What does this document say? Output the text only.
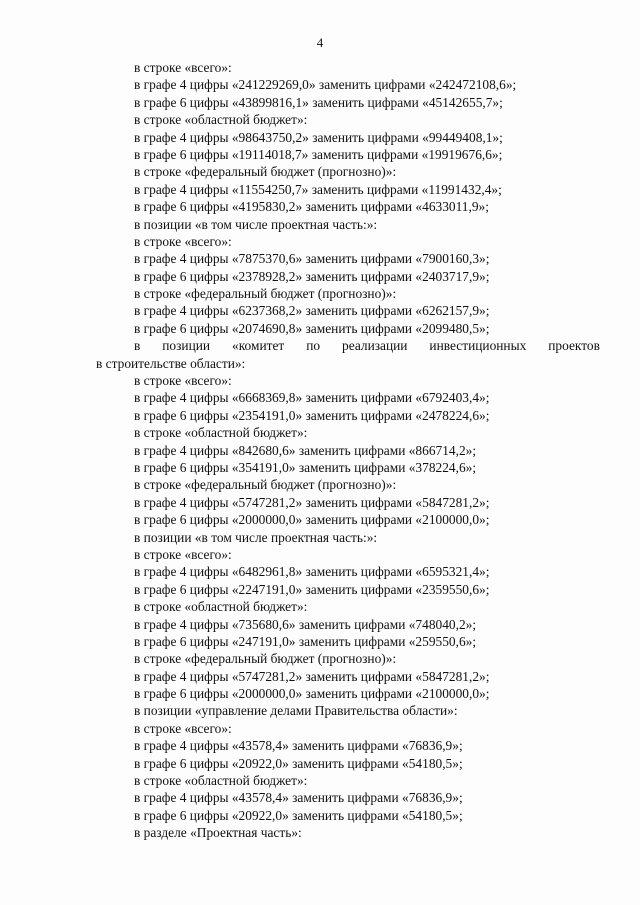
4
в строке «всего»:
в графе 4 цифры «241229269,0» заменить цифрами «242472108,6»;
в графе 6 цифры «43899816,1» заменить цифрами «45142655,7»;
в строке «областной бюджет»:
в графе 4 цифры «98643750,2» заменить цифрами «99449408,1»;
в графе 6 цифры «19114018,7» заменить цифрами «19919676,6»;
в строке «федеральный бюджет (прогнозно)»:
в графе 4 цифры «11554250,7» заменить цифрами «11991432,4»;
в графе 6 цифры «4195830,2» заменить цифрами «4633011,9»;
в позиции «в том числе проектная часть:»:
в строке «всего»:
в графе 4 цифры «7875370,6» заменить цифрами «7900160,3»;
в графе 6 цифры «2378928,2» заменить цифрами «2403717,9»;
в строке «федеральный бюджет (прогнозно)»:
в графе 4 цифры «6237368,2» заменить цифрами «6262157,9»;
в графе 6 цифры «2074690,8» заменить цифрами «2099480,5»;
в позиции «комитет по реализации инвестиционных проектов
в строительстве области»:
в строке «всего»:
в графе 4 цифры «6668369,8» заменить цифрами «6792403,4»;
в графе 6 цифры «2354191,0» заменить цифрами «2478224,6»;
в строке «областной бюджет»:
в графе 4 цифры «842680,6» заменить цифрами «866714,2»;
в графе 6 цифры «354191,0» заменить цифрами «378224,6»;
в строке «федеральный бюджет (прогнозно)»:
в графе 4 цифры «5747281,2» заменить цифрами «5847281,2»;
в графе 6 цифры «2000000,0» заменить цифрами «2100000,0»;
в позиции «в том числе проектная часть:»:
в строке «всего»:
в графе 4 цифры «6482961,8» заменить цифрами «6595321,4»;
в графе 6 цифры «2247191,0» заменить цифрами «2359550,6»;
в строке «областной бюджет»:
в графе 4 цифры «735680,6» заменить цифрами «748040,2»;
в графе 6 цифры «247191,0» заменить цифрами «259550,6»;
в строке «федеральный бюджет (прогнозно)»:
в графе 4 цифры «5747281,2» заменить цифрами «5847281,2»;
в графе 6 цифры «2000000,0» заменить цифрами «2100000,0»;
в позиции «управление делами Правительства области»:
в строке «всего»:
в графе 4 цифры «43578,4» заменить цифрами «76836,9»;
в графе 6 цифры «20922,0» заменить цифрами «54180,5»;
в строке «областной бюджет»:
в графе 4 цифры «43578,4» заменить цифрами «76836,9»;
в графе 6 цифры «20922,0» заменить цифрами «54180,5»;
в разделе «Проектная часть»:
